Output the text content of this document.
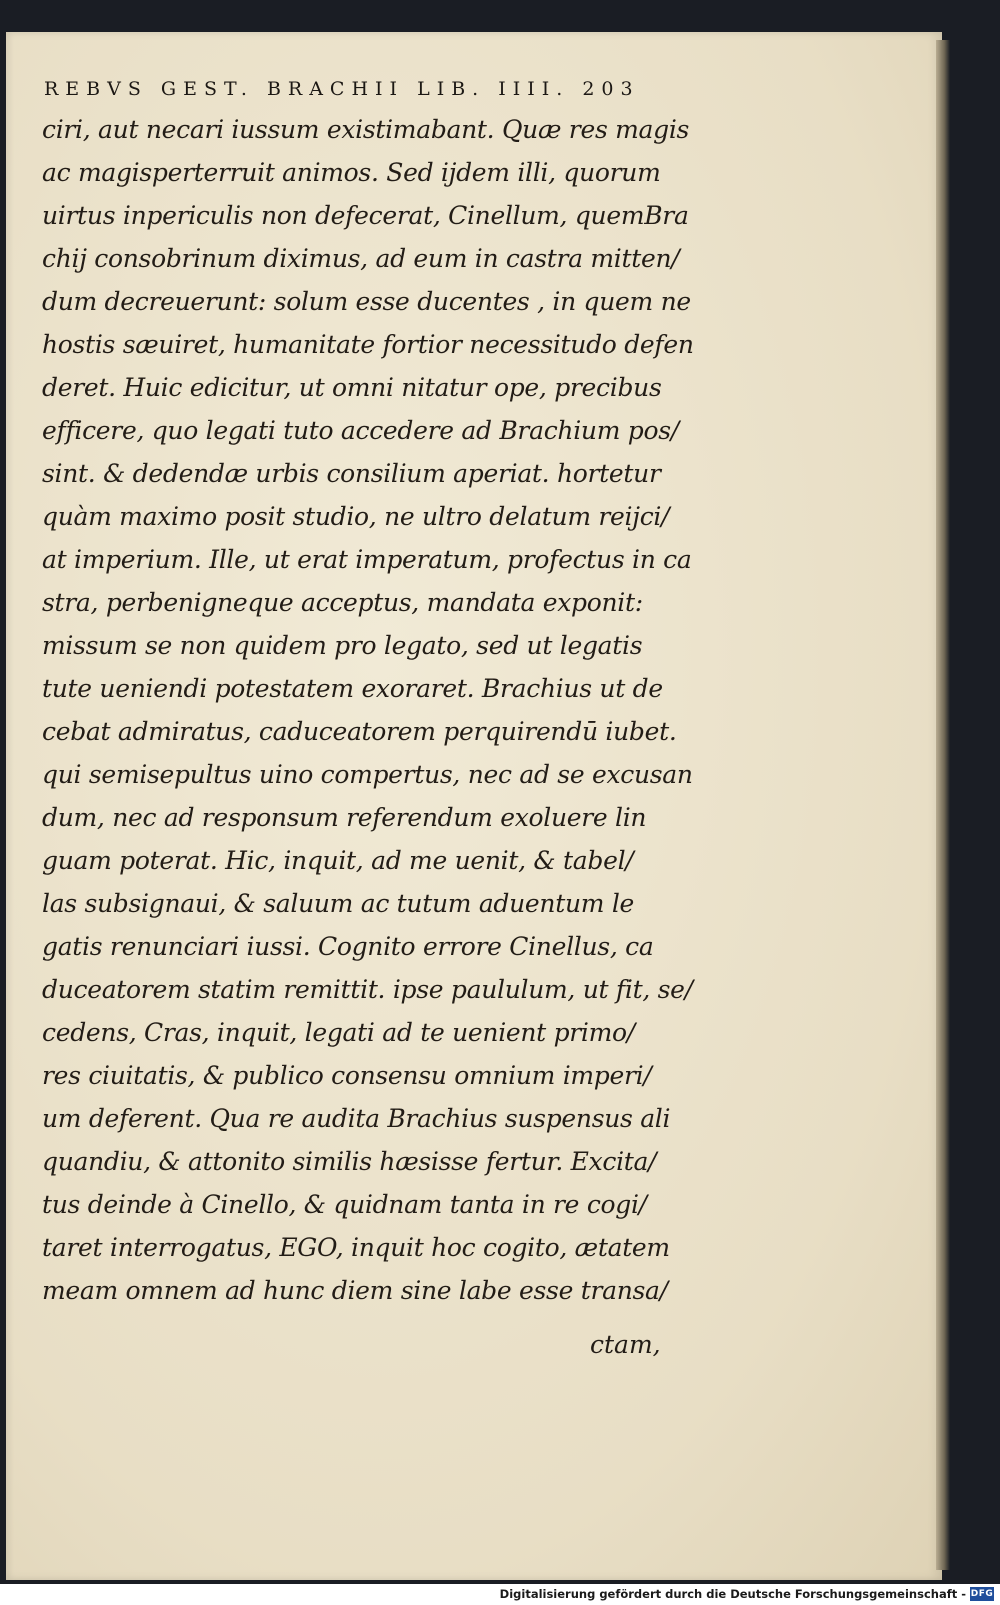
REBVS GEST. BRACHII LIB. IIII. 203
ciri, aut necari iussum existimabant. Quæ res magis
ac magisperterruit animos. Sed ijdem illi, quorum
uirtus inpericulis non defecerat, Cinellum, quemBra
chij consobrinum diximus, ad eum in castra mitten/
dum decreuerunt: solum esse ducentes , in quem ne
hostis sæuiret, humanitate fortior necessitudo defen
deret. Huic edicitur, ut omni nitatur ope, precibus
efficere, quo legati tuto accedere ad Brachium pos/
sint. & dedendæ urbis consilium aperiat. hortetur
quàm maximo posit studio, ne ultro delatum reijci/
at imperium. Ille, ut erat imperatum, profectus in ca
stra, perbenigneque acceptus, mandata exponit:
missum se non quidem pro legato, sed ut legatis
tute ueniendi potestatem exoraret. Brachius ut de
cebat admiratus, caduceatorem perquirendū iubet.
qui semisepultus uino compertus, nec ad se excusan
dum, nec ad responsum referendum exoluere lin
guam poterat. Hic, inquit, ad me uenit, & tabel/
las subsignaui, & saluum ac tutum aduentum le
gatis renunciari iussi. Cognito errore Cinellus, ca
duceatorem statim remittit. ipse paululum, ut fit, se/
cedens, Cras, inquit, legati ad te uenient primo/
res ciuitatis, & publico consensu omnium imperi/
um deferent. Qua re audita Brachius suspensus ali
quandiu, & attonito similis hæsisse fertur. Excita/
tus deinde à Cinello, & quidnam tanta in re cogi/
taret interrogatus, EGO, inquit hoc cogito, ætatem
meam omnem ad hunc diem sine labe esse transa/
ctam,
Digitalisierung gefördert durch die Deutsche Forschungsgemeinschaft - DFG
